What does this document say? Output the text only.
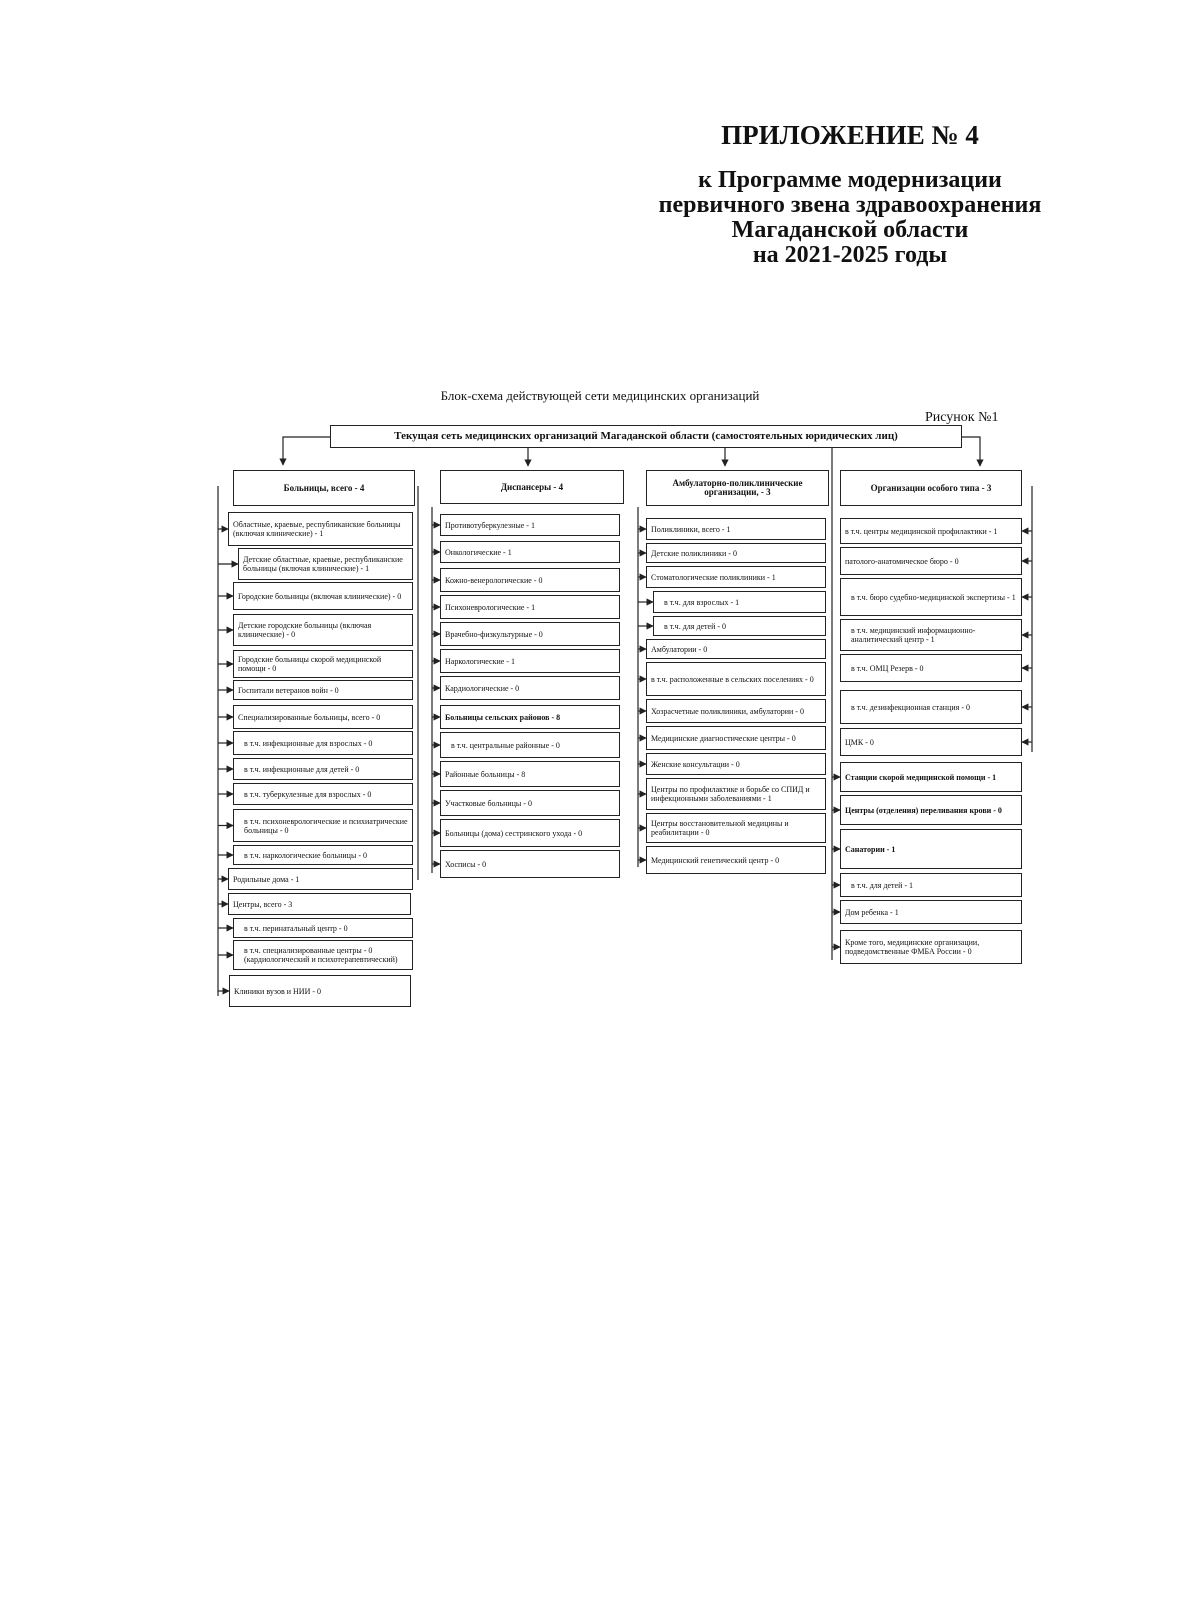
ПРИЛОЖЕНИЕ № 4
к Программе модернизации
первичного звена здравоохранения
Магаданской области
на 2021-2025 годы
Блок-схема действующей сети медицинских организаций
Рисунок №1
Текущая сеть медицинских организаций Магаданской области (самостоятельных юридических лиц)
Больницы, всего - 4	Диспансеры - 4	Амбулаторно-поликлинические организации, - 3	Организации особого типа - 3
Областные, краевые, республиканские больницы (включая клинические) - 1
Детские областные, краевые, республиканские больницы (включая клинические) - 1
Городские больницы (включая клинические) - 0
Детские городские больницы (включая клинические) - 0
Городские больницы скорой медицинской помощи - 0
Госпитали ветеранов войн - 0
Специализированные больницы, всего - 0
в т.ч. инфекционные для взрослых - 0
в т.ч. инфекционные для детей - 0
в т.ч. туберкулезные для взрослых - 0
в т.ч. психоневрологические и психиатрические больницы - 0
в т.ч. наркологические больницы - 0
Родильные дома - 1
Центры, всего - 3
в т.ч. перинатальный центр - 0
в т.ч. специализированные центры - 0 (кардиологический и психотерапевтический)
Клиники вузов и НИИ - 0
Противотуберкулезные - 1
Онкологические - 1
Кожно-венерологические - 0
Психоневрологические - 1
Врачебно-физкультурные - 0
Наркологические - 1
Кардиологические - 0
Больницы сельских районов - 8
в т.ч. центральные районные - 0
Районные больницы - 8
Участковые больницы - 0
Больницы (дома) сестринского ухода - 0
Хосписы - 0
Поликлиники, всего - 1
Детские поликлиники - 0
Стоматологические поликлиники - 1
в т.ч. для взрослых - 1
в т.ч. для детей - 0
Амбулатории - 0
в т.ч. расположенные в сельских поселениях - 0
Хозрасчетные поликлиники, амбулатории - 0
Медицинские диагностические центры - 0
Женские консультации - 0
Центры по профилактике и борьбе со СПИД и инфекционными заболеваниями - 1
Центры восстановительной медицины и реабилитации - 0
Медицинский генетический центр - 0
в т.ч. центры медицинской профилактики - 1
патолого-анатомическое бюро - 0
в т.ч. бюро судебно-медицинской экспертизы - 1
в т.ч. медицинский информационно-аналитический центр - 1
в т.ч. ОМЦ Резерв - 0
в т.ч. дезинфекционная станция - 0
ЦМК - 0
Станции скорой медицинской помощи - 1
Центры (отделения) переливания крови - 0
Санатории - 1
в т.ч. для детей - 1
Дом ребенка - 1
Кроме того, медицинские организации, подведомственные ФМБА России - 0
